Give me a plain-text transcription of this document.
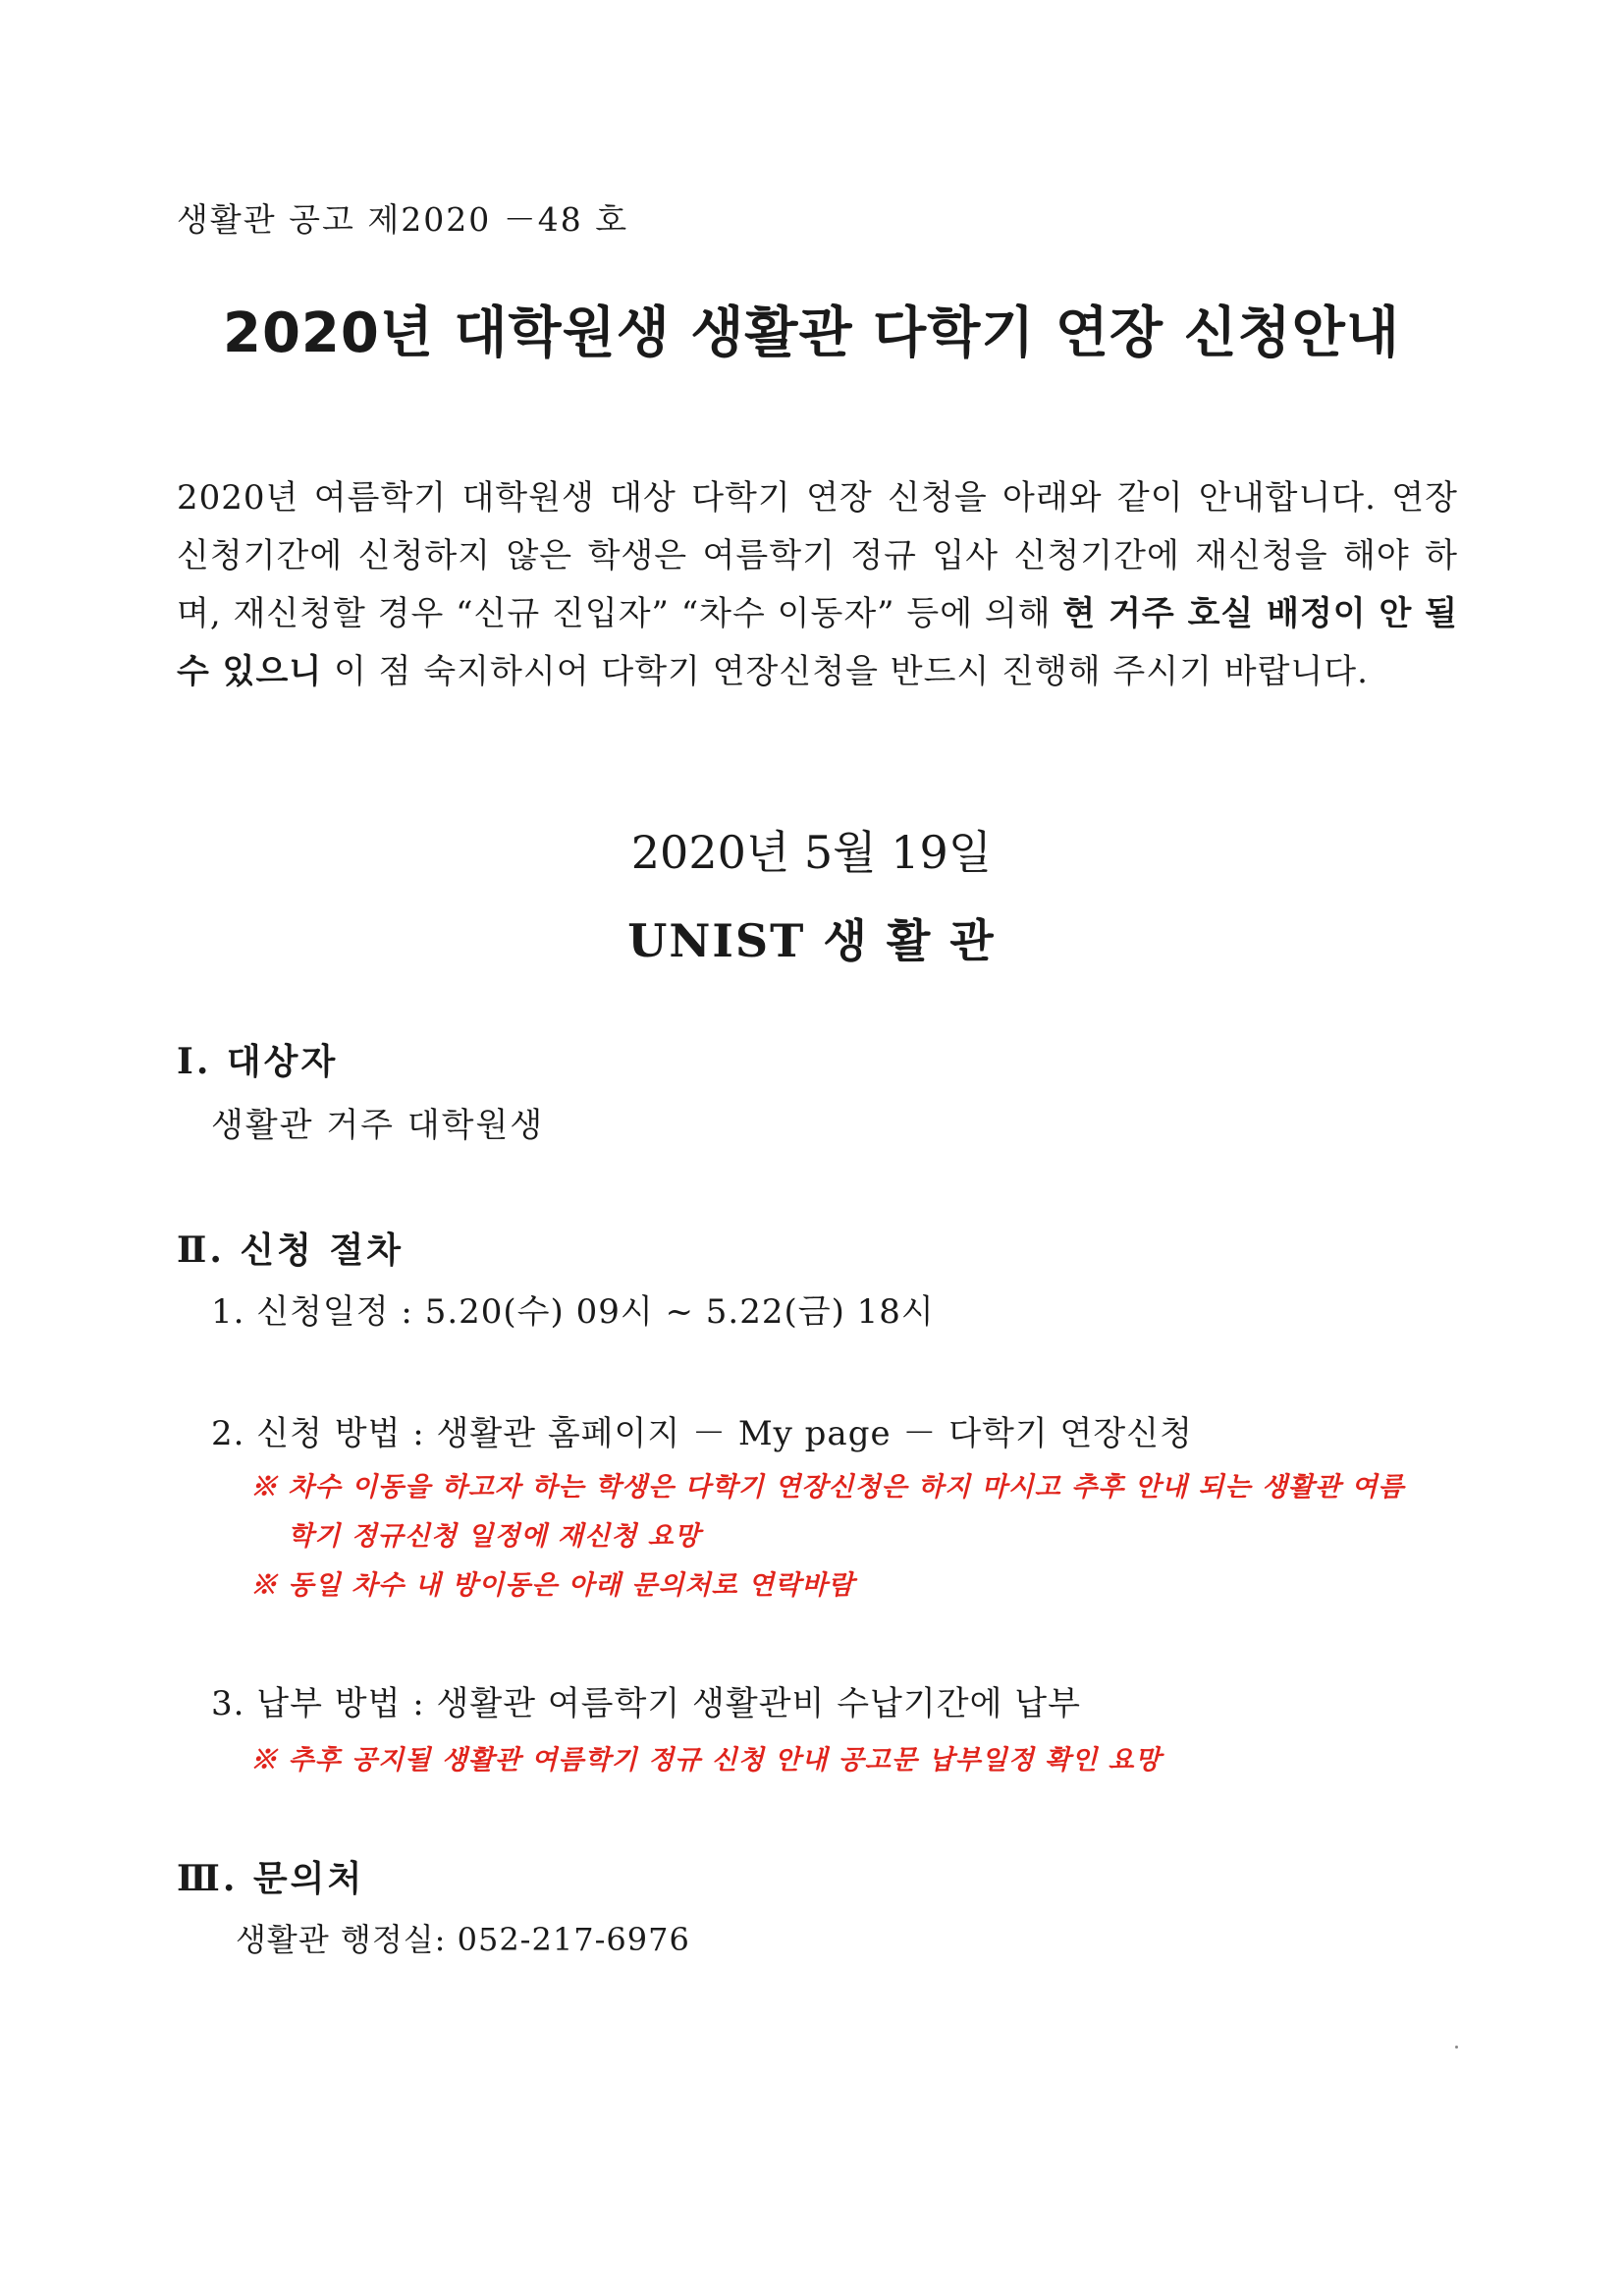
생활관 공고 제2020 －48 호
2020년 대학원생 생활관 다학기 연장 신청안내
2020년 여름학기 대학원생 대상 다학기 연장 신청을 아래와 같이 안내합니다. 연장 신청기간에 신청하지 않은 학생은 여름학기 정규 입사 신청기간에 재신청을 해야 하며, 재신청할 경우 “신규 진입자” “차수 이동자” 등에 의해 현 거주 호실 배정이 안 될 수 있으니 이 점 숙지하시어 다학기 연장신청을 반드시 진행해 주시기 바랍니다.
2020년 5월 19일
UNIST 생 활 관
Ⅰ. 대상자
생활관 거주 대학원생
Ⅱ. 신청 절차
1. 신청일정 : 5.20(수) 09시 ~ 5.22(금) 18시
2. 신청 방법 : 생활관 홈페이지 － My page － 다학기 연장신청
※ 차수 이동을 하고자 하는 학생은 다학기 연장신청은 하지 마시고 추후 안내 되는 생활관 여름
학기 정규신청 일정에 재신청 요망
※ 동일 차수 내 방이동은 아래 문의처로 연락바람
3. 납부 방법 : 생활관 여름학기 생활관비 수납기간에 납부
※ 추후 공지될 생활관 여름학기 정규 신청 안내 공고문 납부일정 확인 요망
Ⅲ. 문의처
생활관 행정실: 052-217-6976
